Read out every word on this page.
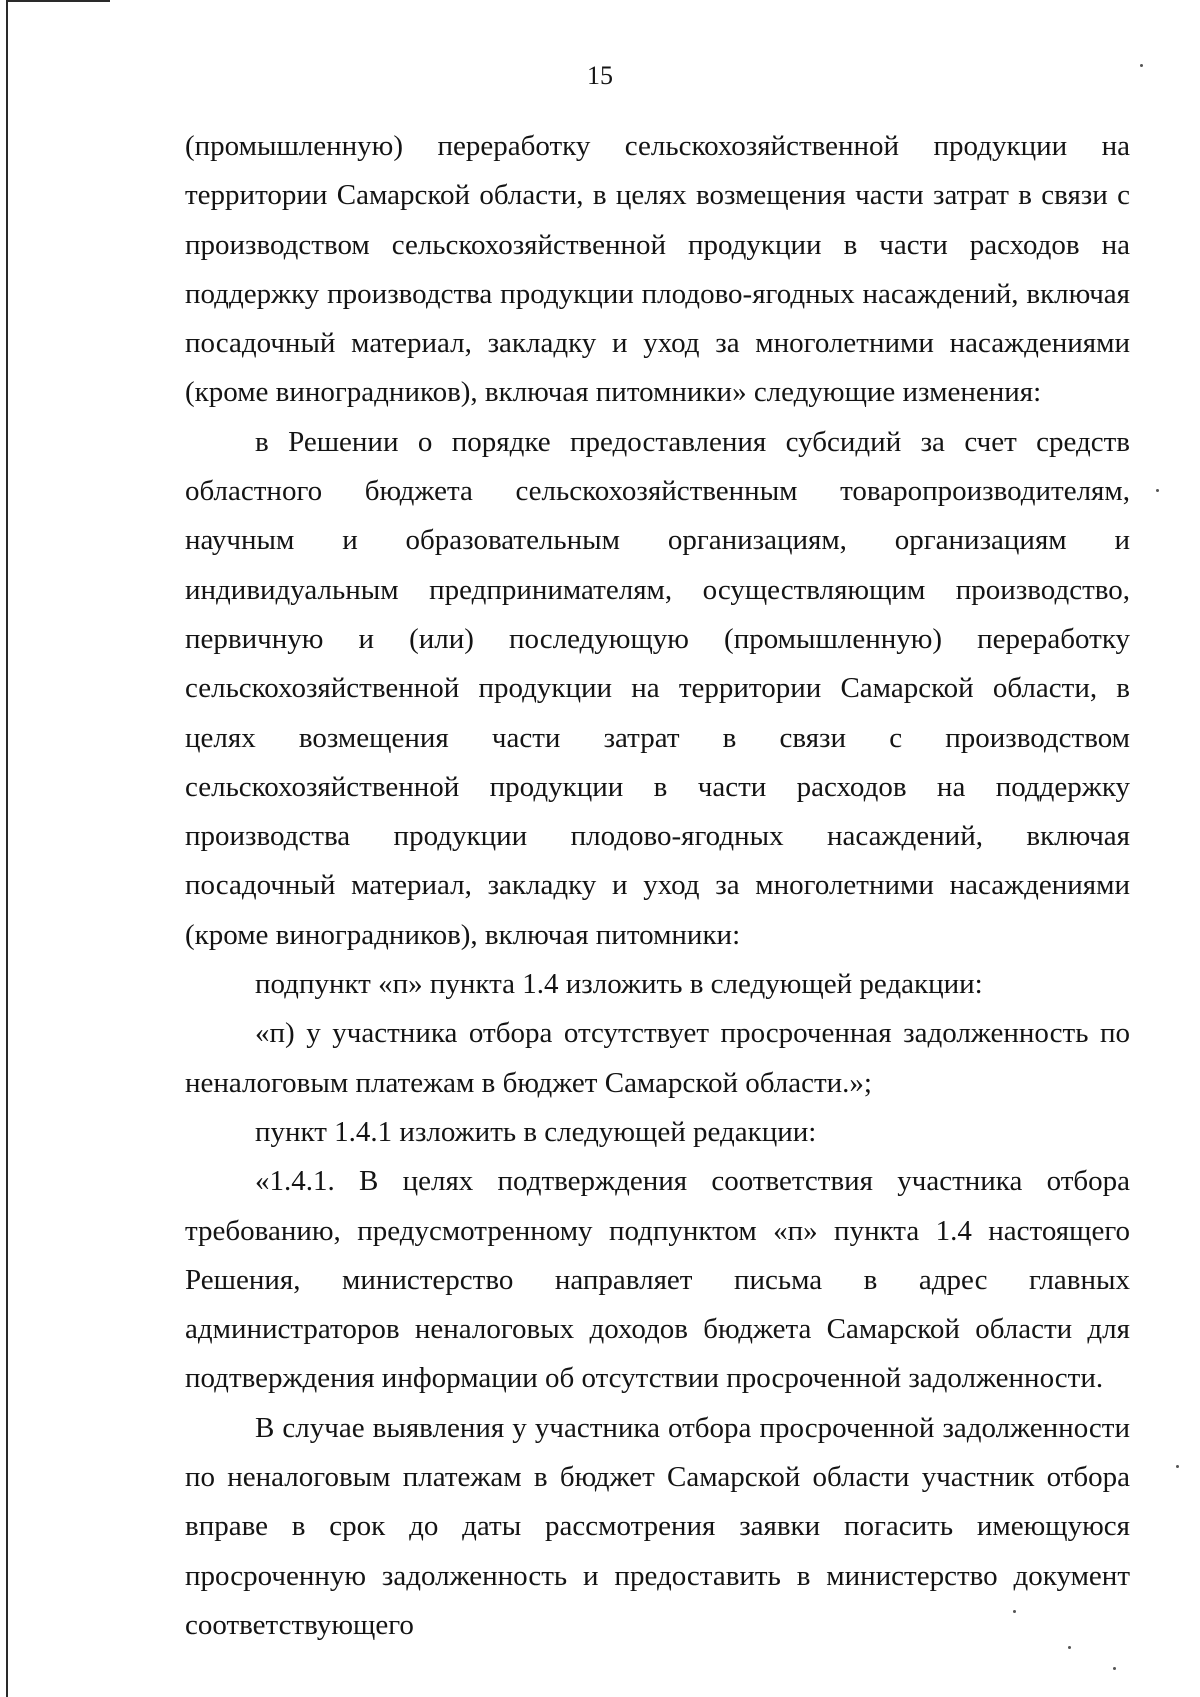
15

(промышленную) переработку сельскохозяйственной продукции на территории Самарской области, в целях возмещения части затрат в связи с производством сельскохозяйственной продукции в части расходов на поддержку производства продукции плодово-ягодных насаждений, включая посадочный материал, закладку и уход за многолетними насаждениями (кроме виноградников), включая питомники» следующие изменения:

в Решении о порядке предоставления субсидий за счет средств областного бюджета сельскохозяйственным товаропроизводителям, научным и образовательным организациям, организациям и индивидуальным предпринимателям, осуществляющим производство, первичную и (или) последующую (промышленную) переработку сельскохозяйственной продукции на территории Самарской области, в целях возмещения части затрат в связи с производством сельскохозяйственной продукции в части расходов на поддержку производства продукции плодово-ягодных насаждений, включая посадочный материал, закладку и уход за многолетними насаждениями (кроме виноградников), включая питомники:

подпункт «п» пункта 1.4 изложить в следующей редакции:

«п) у участника отбора отсутствует просроченная задолженность по неналоговым платежам в бюджет Самарской области.»;

пункт 1.4.1 изложить в следующей редакции:

«1.4.1. В целях подтверждения соответствия участника отбора требованию, предусмотренному подпунктом «п» пункта 1.4 настоящего Решения, министерство направляет письма в адрес главных администраторов неналоговых доходов бюджета Самарской области для подтверждения информации об отсутствии просроченной задолженности.

В случае выявления у участника отбора просроченной задолженности по неналоговым платежам в бюджет Самарской области участник отбора вправе в срок до даты рассмотрения заявки погасить имеющуюся просроченную задолженность и предоставить в министерство документ соответствующего
